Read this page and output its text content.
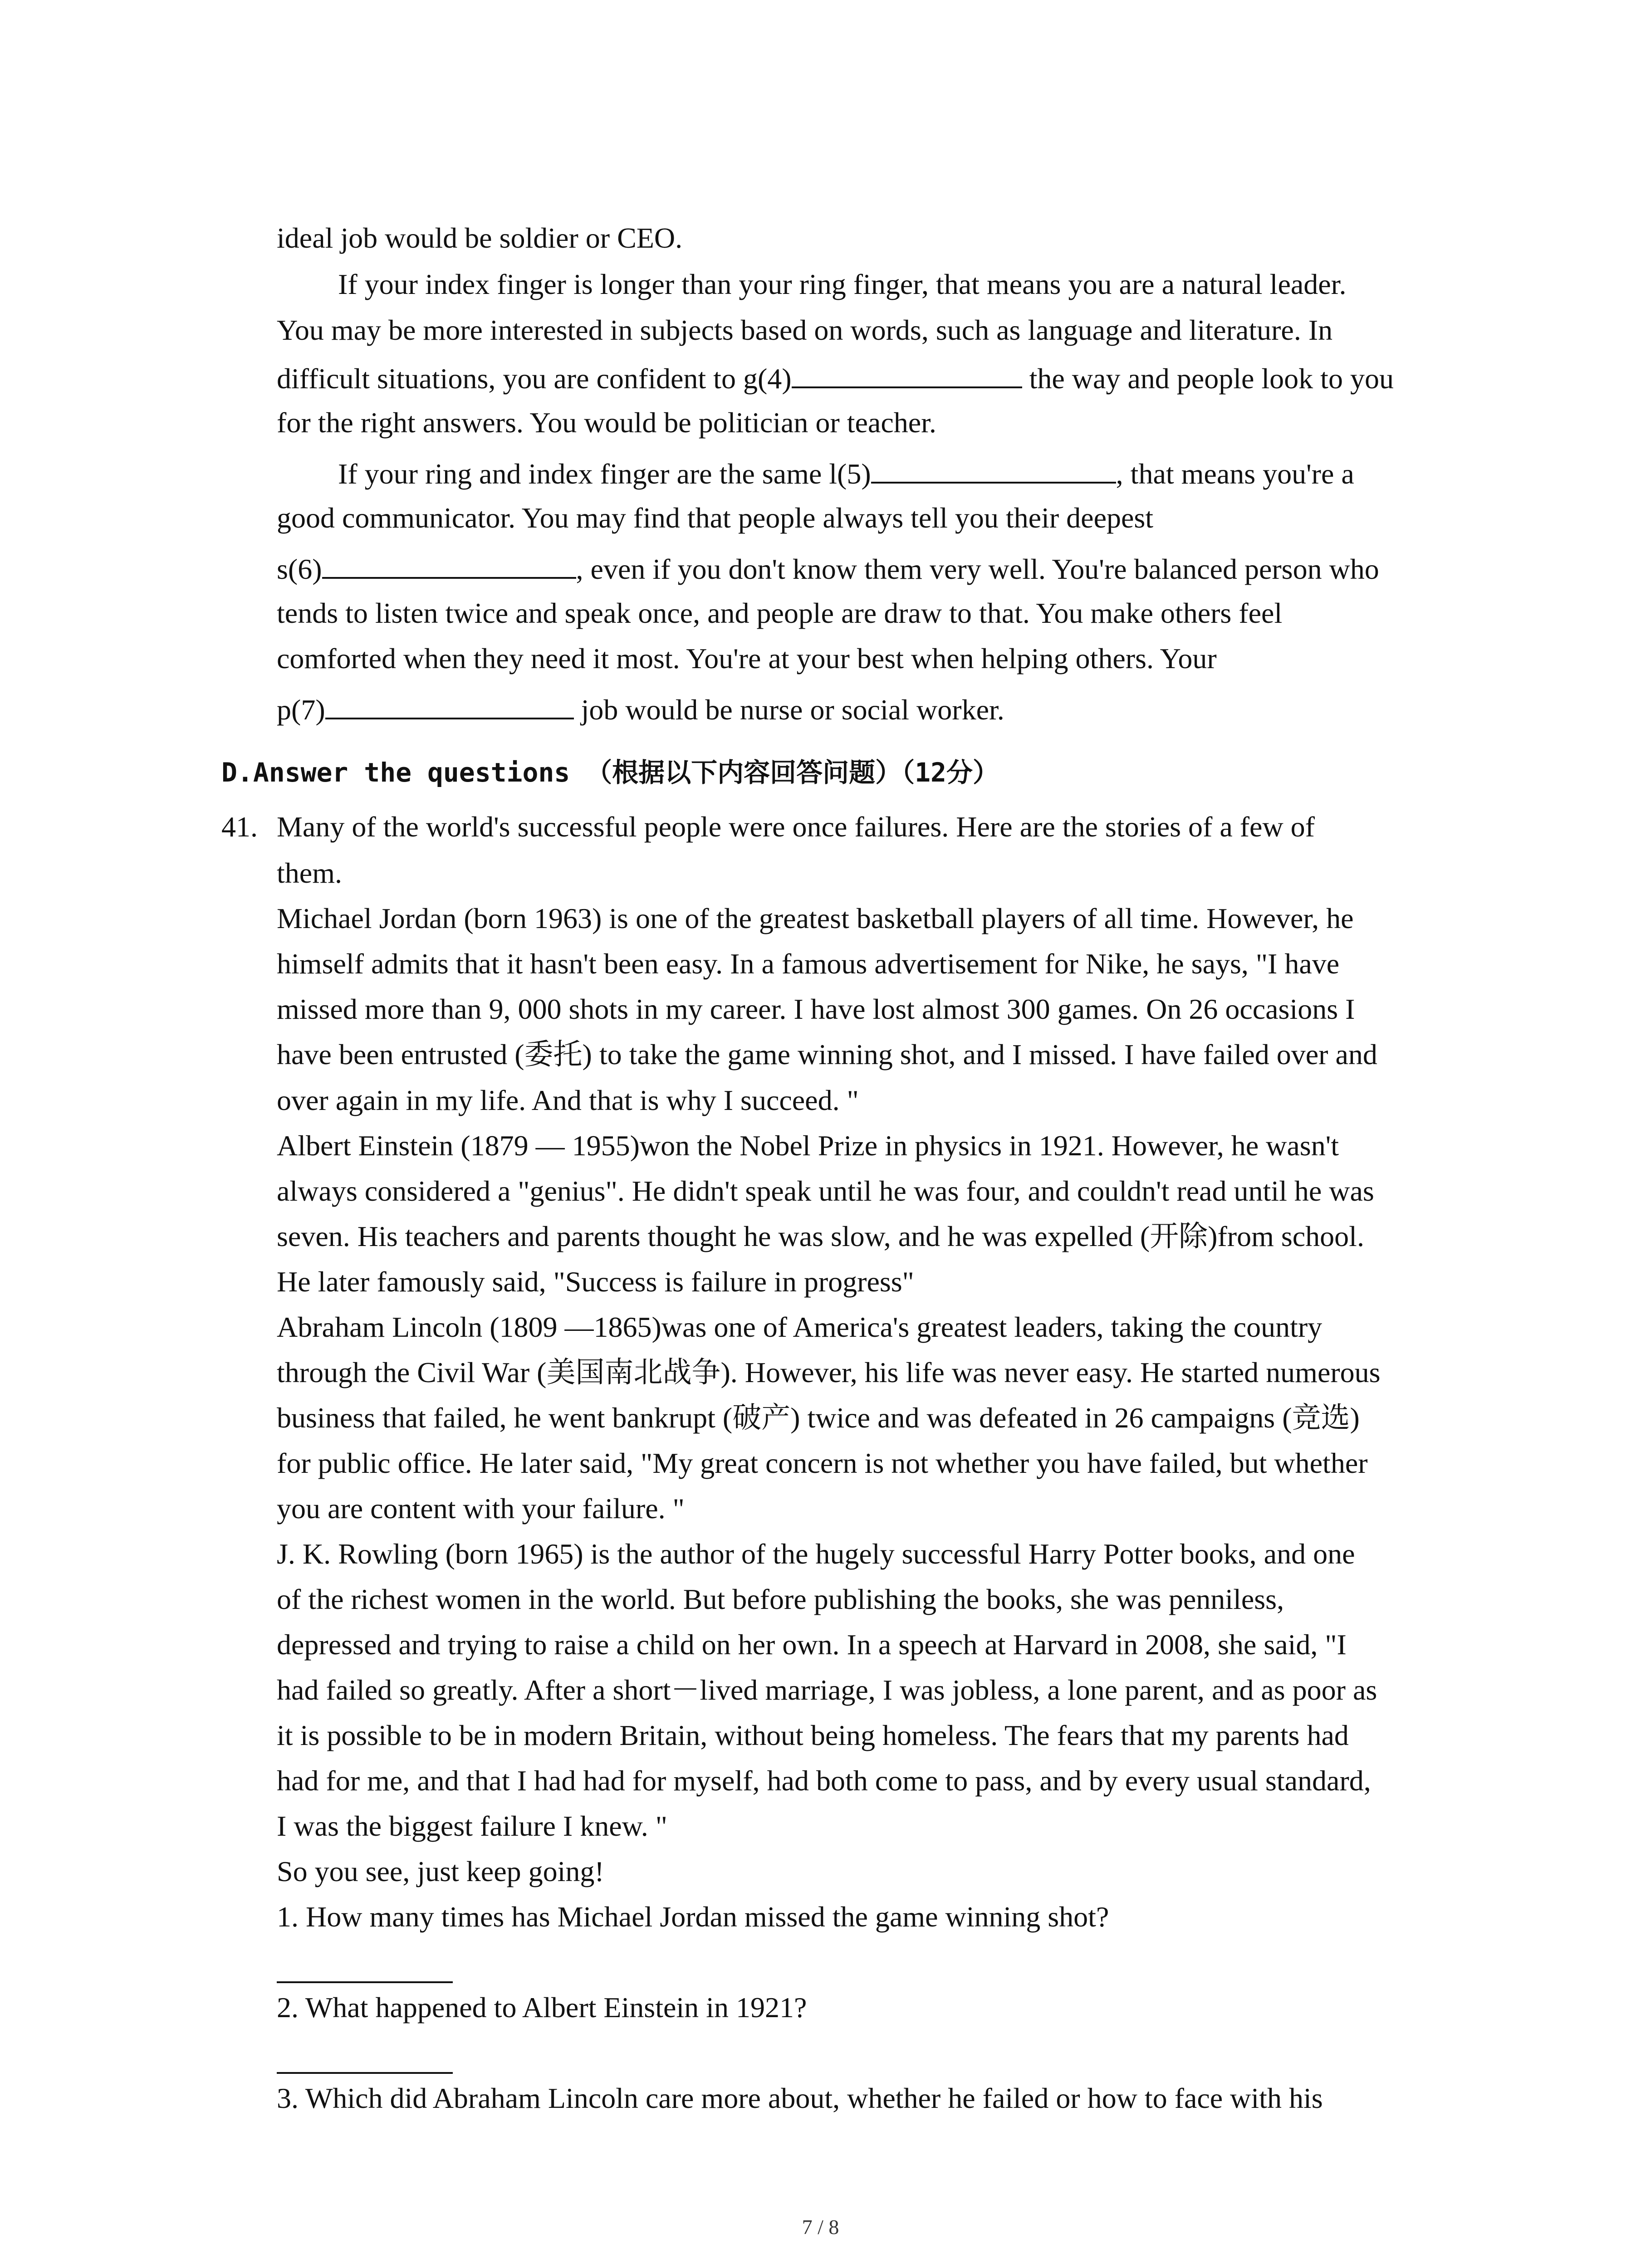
ideal job would be soldier or CEO.
If your index finger is longer than your ring finger, that means you are a natural leader.
You may be more interested in subjects based on words, such as language and literature. In
difficult situations, you are confident to g(4)	the way and people look to you
for the right answers. You would be politician or teacher.
If your ring and index finger are the same l(5)	, that means you're a
good communicator. You may find that people always tell you their deepest
s(6)	, even if you don't know them very well. You're balanced person who
tends to listen twice and speak once, and people are draw to that. You make others feel
comforted when they need it most. You're at your best when helping others. Your
p(7)	job would be nurse or social worker.
D.Answer the questions （根据以下内容回答问题）（12分）
41. Many of the world's successful people were once failures. Here are the stories of a few of
them.
Michael Jordan (born 1963) is one of the greatest basketball players of all time. However, he
himself admits that it hasn't been easy. In a famous advertisement for Nike, he says, "I have
missed more than 9, 000 shots in my career. I have lost almost 300 games. On 26 occasions I
have been entrusted (委托) to take the game winning shot, and I missed. I have failed over and
over again in my life. And that is why I succeed. "
Albert Einstein (1879 — 1955)won the Nobel Prize in physics in 1921. However, he wasn't
always considered a "genius". He didn't speak until he was four, and couldn't read until he was
seven. His teachers and parents thought he was slow, and he was expelled (开除)from school.
He later famously said, "Success is failure in progress"
Abraham Lincoln (1809 —1865)was one of America's greatest leaders, taking the country
through the Civil War (美国南北战争). However, his life was never easy. He started numerous
business that failed, he went bankrupt (破产) twice and was defeated in 26 campaigns (竞选)
for public office. He later said, "My great concern is not whether you have failed, but whether
you are content with your failure. "
J. K. Rowling (born 1965) is the author of the hugely successful Harry Potter books, and one
of the richest women in the world. But before publishing the books, she was penniless,
depressed and trying to raise a child on her own. In a speech at Harvard in 2008, she said, "I
had failed so greatly. After a short－lived marriage, I was jobless, a lone parent, and as poor as
it is possible to be in modern Britain, without being homeless. The fears that my parents had
had for me, and that I had had for myself, had both come to pass, and by every usual standard,
I was the biggest failure I knew. "
So you see, just keep going!
1. How many times has Michael Jordan missed the game winning shot?
2. What happened to Albert Einstein in 1921?
3. Which did Abraham Lincoln care more about, whether he failed or how to face with his
7 / 8
